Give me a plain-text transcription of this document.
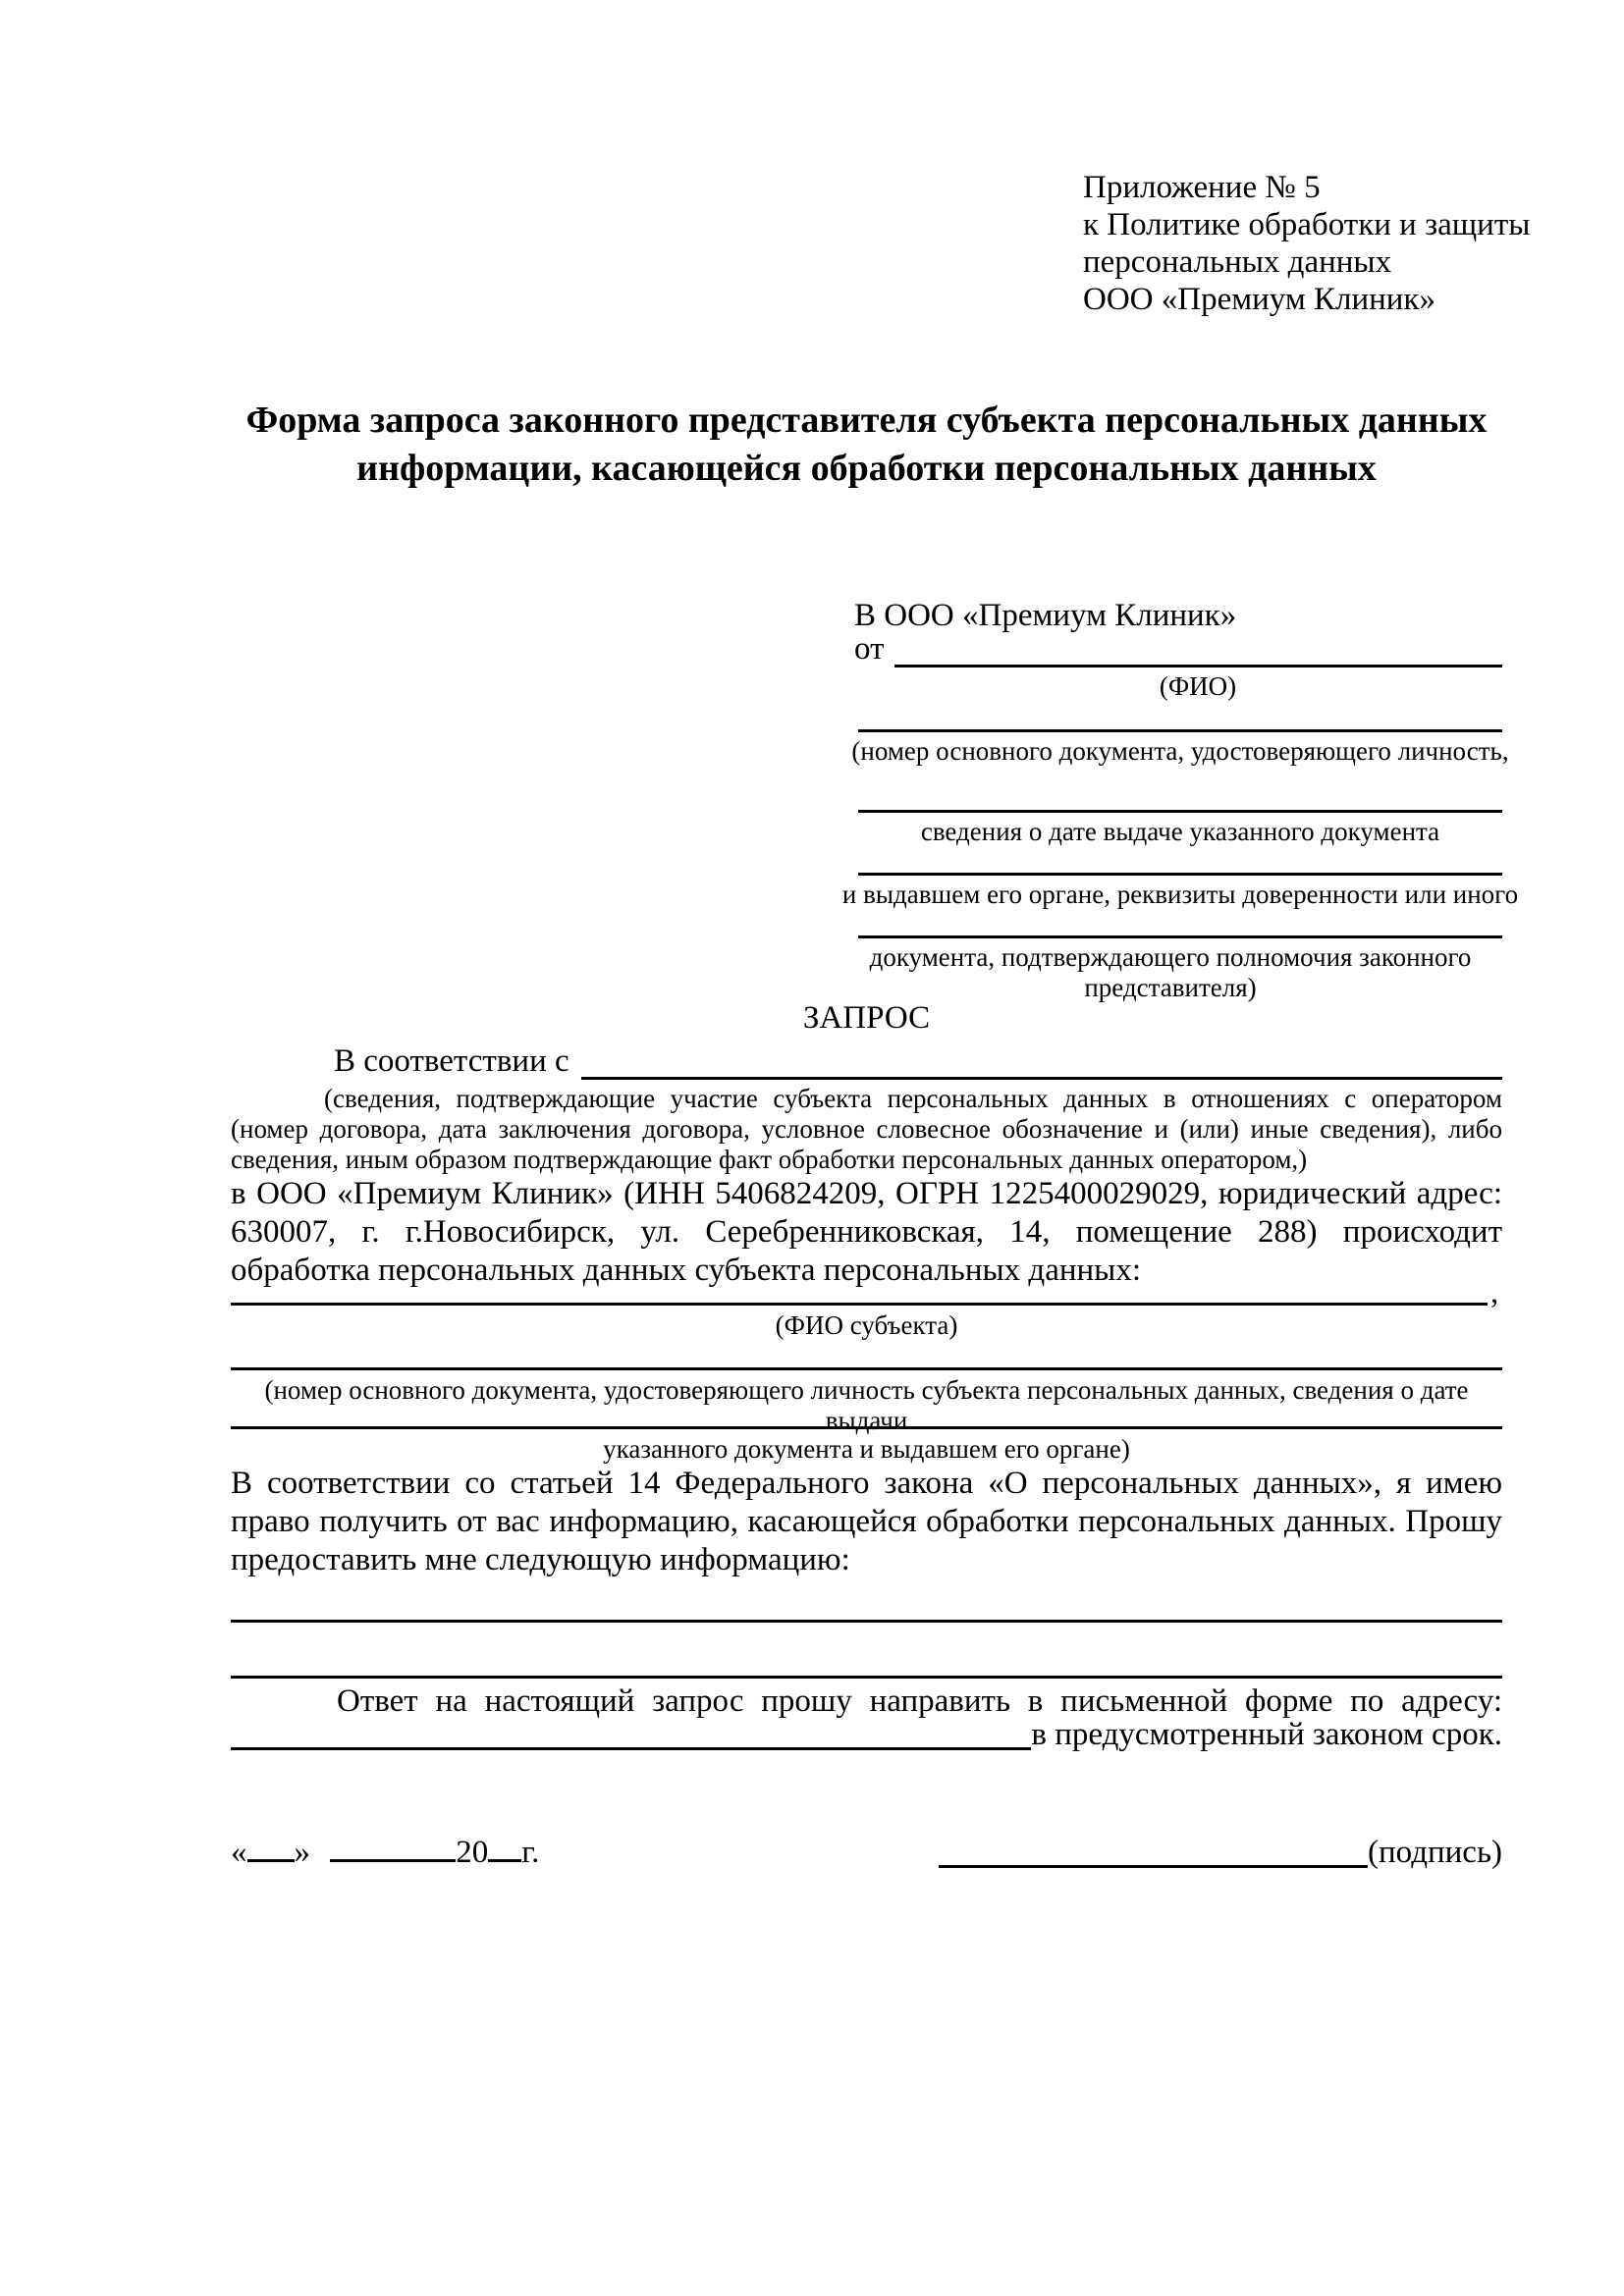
Приложение № 5
к Политике обработки и защиты
персональных данных
ООО «Премиум Клиник»
Форма запроса законного представителя субъекта персональных данных
информации, касающейся обработки персональных данных
В ООО «Премиум Клиник»
от
(ФИО)
(номер основного документа, удостоверяющего личность,
сведения о дате выдаче указанного документа
и выдавшем его органе, реквизиты доверенности или иного
документа, подтверждающего полномочия законного представителя)
ЗАПРОС
В соответствии с
(сведения, подтверждающие участие субъекта персональных данных в отношениях с оператором (номер договора, дата заключения договора, условное словесное обозначение и (или) иные сведения), либо сведения, иным образом подтверждающие факт обработки персональных данных оператором,)
в ООО «Премиум Клиник» (ИНН 5406824209, ОГРН 1225400029029, юридический адрес: 630007, г. г.Новосибирск, ул. Серебренниковская, 14, помещение 288) происходит обработка персональных данных субъекта персональных данных:
,
(ФИО субъекта)
(номер основного документа, удостоверяющего личность субъекта персональных данных, сведения о дате выдачи
указанного документа и выдавшем его органе)
В соответствии со статьей 14 Федерального закона «О персональных данных», я имею право получить от вас информацию, касающейся обработки персональных данных. Прошу предоставить мне следующую информацию:
Ответ на настоящий запрос прошу направить в письменной форме по адресу:
в предусмотренный законом срок.
« »	20 г.	(подпись)
